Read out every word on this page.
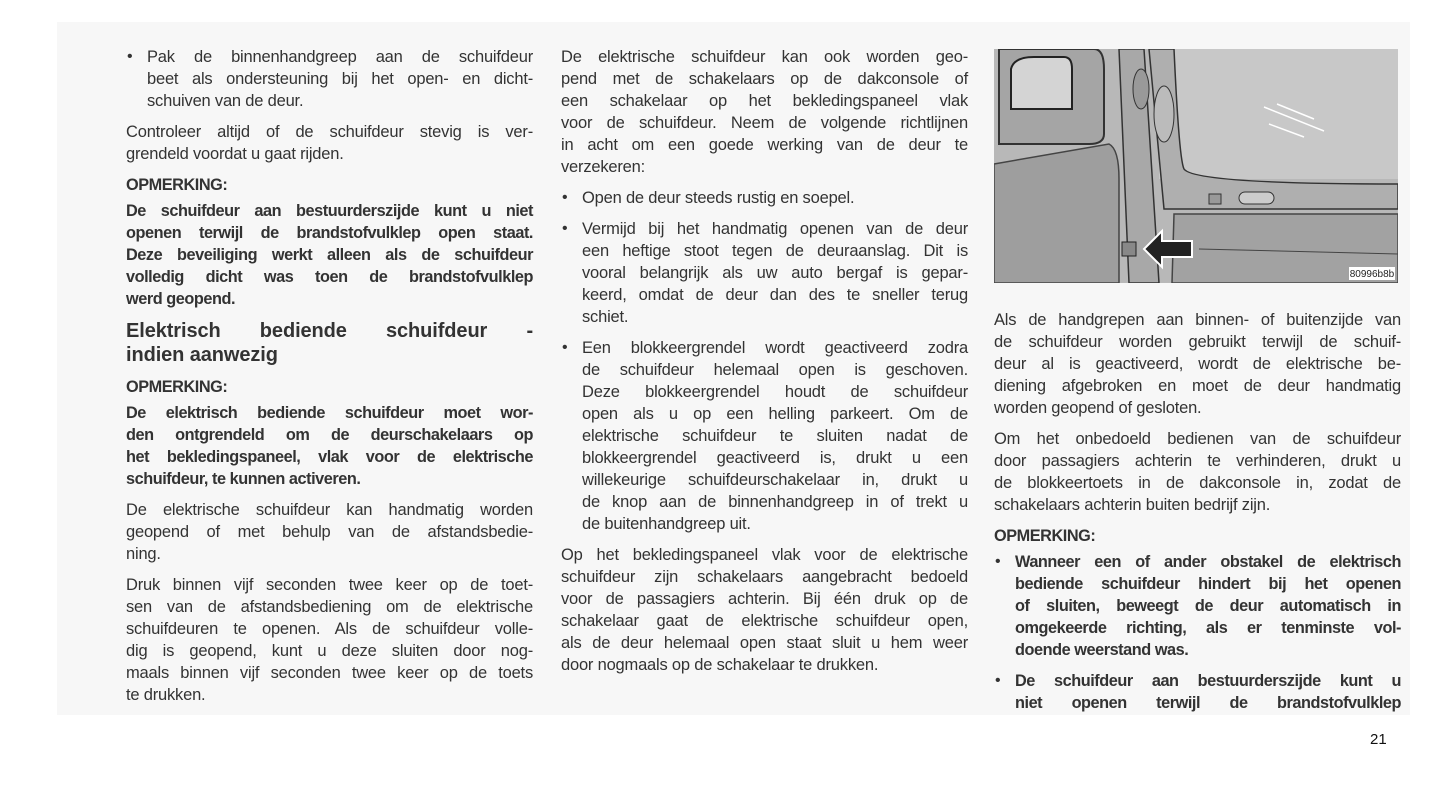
• Pak de binnenhandgreep aan de schuifdeur
beet als ondersteuning bij het open- en dicht-
schuiven van de deur.
Controleer altijd of de schuifdeur stevig is ver-
grendeld voordat u gaat rijden.
OPMERKING:
De schuifdeur aan bestuurderszijde kunt u niet
openen terwijl de brandstofvulklep open staat.
Deze beveiliging werkt alleen als de schuifdeur
volledig dicht was toen de brandstofvulklep
werd geopend.
Elektrisch bediende schuifdeur -
indien aanwezig
OPMERKING:
De elektrisch bediende schuifdeur moet wor-
den ontgrendeld om de deurschakelaars op
het bekledingspaneel, vlak voor de elektrische
schuifdeur, te kunnen activeren.
De elektrische schuifdeur kan handmatig worden
geopend of met behulp van de afstandsbedie-
ning.
Druk binnen vijf seconden twee keer op de toet-
sen van de afstandsbediening om de elektrische
schuifdeuren te openen. Als de schuifdeur volle-
dig is geopend, kunt u deze sluiten door nog-
maals binnen vijf seconden twee keer op de toets
te drukken.
De elektrische schuifdeur kan ook worden geo-
pend met de schakelaars op de dakconsole of
een schakelaar op het bekledingspaneel vlak
voor de schuifdeur. Neem de volgende richtlijnen
in acht om een goede werking van de deur te
verzekeren:
• Open de deur steeds rustig en soepel.
• Vermijd bij het handmatig openen van de deur
een heftige stoot tegen de deuraanslag. Dit is
vooral belangrijk als uw auto bergaf is gepar-
keerd, omdat de deur dan des te sneller terug
schiet.
• Een blokkeergrendel wordt geactiveerd zodra
de schuifdeur helemaal open is geschoven.
Deze blokkeergrendel houdt de schuifdeur
open als u op een helling parkeert. Om de
elektrische schuifdeur te sluiten nadat de
blokkeergrendel geactiveerd is, drukt u een
willekeurige schuifdeurschakelaar in, drukt u
de knop aan de binnenhandgreep in of trekt u
de buitenhandgreep uit.
Op het bekledingspaneel vlak voor de elektrische
schuifdeur zijn schakelaars aangebracht bedoeld
voor de passagiers achterin. Bij één druk op de
schakelaar gaat de elektrische schuifdeur open,
als de deur helemaal open staat sluit u hem weer
door nogmaals op de schakelaar te drukken.
80996b8b
Als de handgrepen aan binnen- of buitenzijde van
de schuifdeur worden gebruikt terwijl de schuif-
deur al is geactiveerd, wordt de elektrische be-
diening afgebroken en moet de deur handmatig
worden geopend of gesloten.
Om het onbedoeld bedienen van de schuifdeur
door passagiers achterin te verhinderen, drukt u
de blokkeertoets in de dakconsole in, zodat de
schakelaars achterin buiten bedrijf zijn.
OPMERKING:
• Wanneer een of ander obstakel de elektrisch
bediende schuifdeur hindert bij het openen
of sluiten, beweegt de deur automatisch in
omgekeerde richting, als er tenminste vol-
doende weerstand was.
• De schuifdeur aan bestuurderszijde kunt u
niet openen terwijl de brandstofvulklep
21
